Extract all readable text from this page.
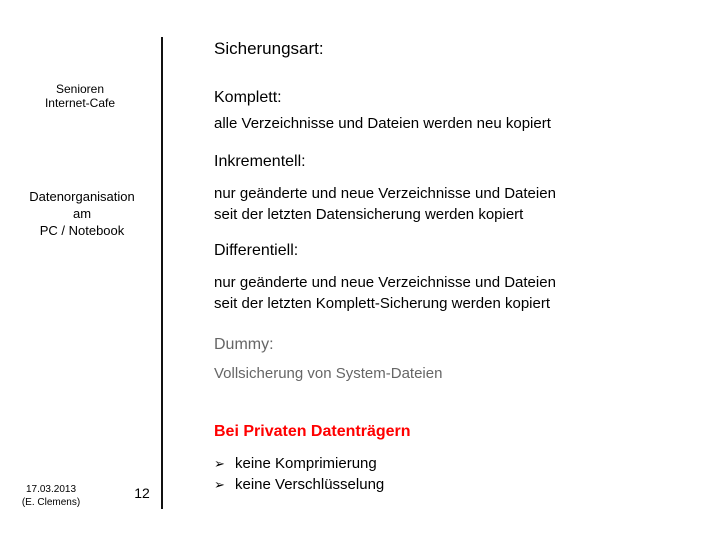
Senioren
Internet-Cafe
Datenorganisation
am
PC / Notebook
17.03.2013
(E. Clemens)
12
Sicherungsart:
Komplett:
alle Verzeichnisse und Dateien werden neu kopiert
Inkrementell:
nur geänderte und neue Verzeichnisse und Dateien
seit der letzten Datensicherung werden kopiert
Differentiell:
nur geänderte und neue Verzeichnisse und Dateien
seit der letzten Komplett-Sicherung werden kopiert
Dummy:
Vollsicherung von System-Dateien
Bei Privaten Datenträgern
➢ keine Komprimierung
➢ keine Verschlüsselung
